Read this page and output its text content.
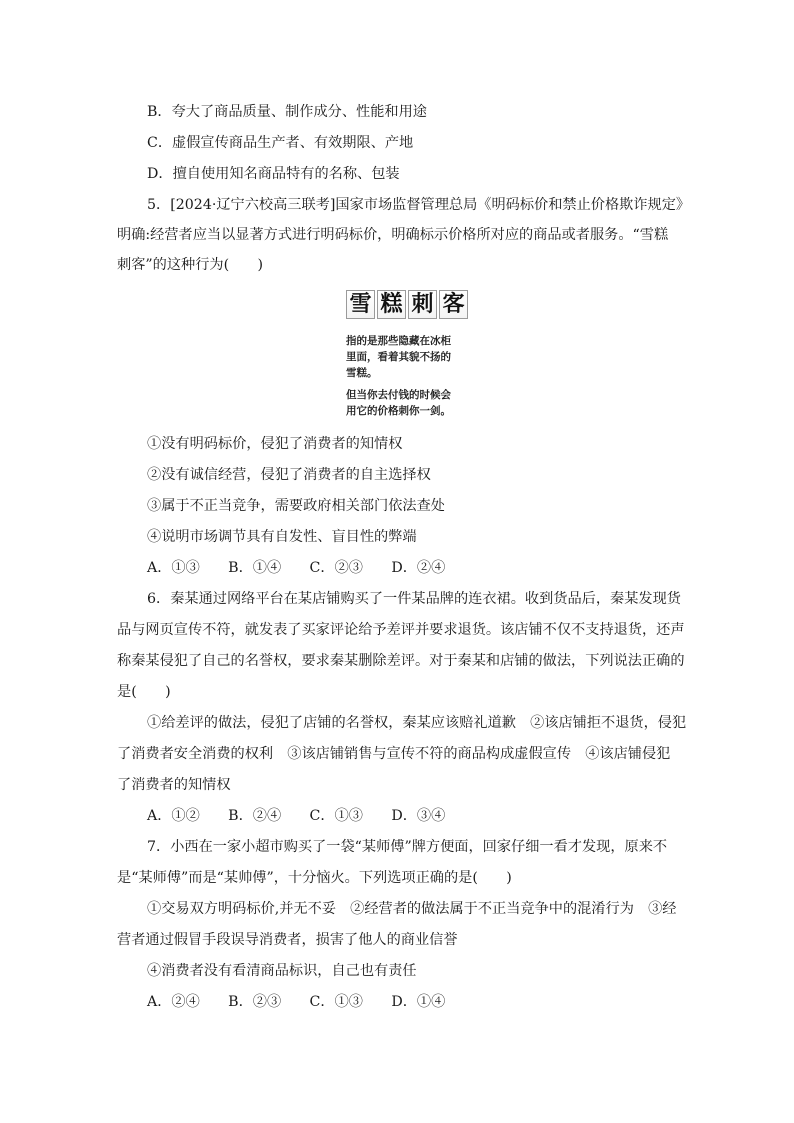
B．夸大了商品质量、制作成分、性能和用途
C．虚假宣传商品生产者、有效期限、产地
D．擅自使用知名商品特有的名称、包装
5．[2024·辽宁六校高三联考]国家市场监督管理总局《明码标价和禁止价格欺诈规定》
明确:经营者应当以显著方式进行明码标价，明确标示价格所对应的商品或者服务。“雪糕
刺客”的这种行为(　　)
雪 糕 刺 客
指的是那些隐藏在冰柜
里面，看着其貌不扬的
雪糕。
但当你去付钱的时候会
用它的价格刺你一剑。
①没有明码标价，侵犯了消费者的知情权
②没有诚信经营，侵犯了消费者的自主选择权
③属于不正当竞争，需要政府相关部门依法查处
④说明市场调节具有自发性、盲目性的弊端
A．①③　　B．①④　　C．②③　　D．②④
6．秦某通过网络平台在某店铺购买了一件某品牌的连衣裙。收到货品后，秦某发现货
品与网页宣传不符，就发表了买家评论给予差评并要求退货。该店铺不仅不支持退货，还声
称秦某侵犯了自己的名誉权，要求秦某删除差评。对于秦某和店铺的做法，下列说法正确的
是(　　)
①给差评的做法，侵犯了店铺的名誉权，秦某应该赔礼道歉　②该店铺拒不退货，侵犯
了消费者安全消费的权利　③该店铺销售与宣传不符的商品构成虚假宣传　④该店铺侵犯
了消费者的知情权
A．①②　　B．②④　　C．①③　　D．③④
7．小西在一家小超市购买了一袋“某师傅”牌方便面，回家仔细一看才发现，原来不
是“某师傅”而是“某帅傅”，十分恼火。下列选项正确的是(　　)
①交易双方明码标价,并无不妥　②经营者的做法属于不正当竞争中的混淆行为　③经
营者通过假冒手段误导消费者，损害了他人的商业信誉
④消费者没有看清商品标识，自己也有责任
A．②④　　B．②③　　C．①③　　D．①④
